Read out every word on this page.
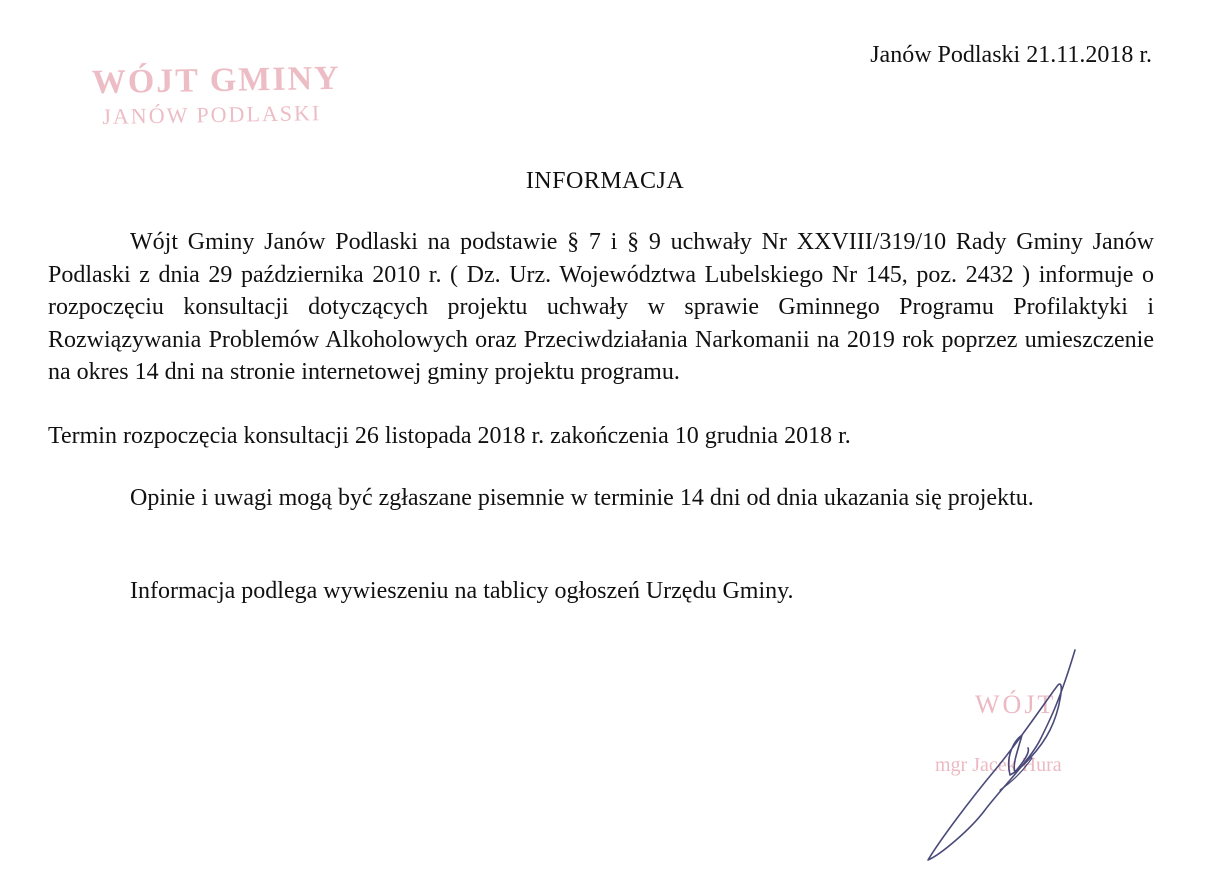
WÓJT GMINY
JANÓW PODLASKI
Janów Podlaski 21.11.2018 r.
INFORMACJA
Wójt Gminy Janów Podlaski na podstawie § 7 i § 9 uchwały Nr XXVIII/319/10 Rady Gminy Janów Podlaski z dnia 29 października 2010 r. ( Dz. Urz. Województwa Lubelskiego Nr 145, poz. 2432 ) informuje o rozpoczęciu konsultacji dotyczących projektu uchwały w sprawie Gminnego Programu Profilaktyki i Rozwiązywania Problemów Alkoholowych oraz Przeciwdziałania Narkomanii na 2019 rok poprzez umieszczenie na okres 14 dni na stronie internetowej gminy projektu programu.
Termin rozpoczęcia konsultacji 26 listopada 2018 r. zakończenia 10 grudnia 2018 r.
Opinie i uwagi mogą być zgłaszane pisemnie w terminie 14 dni od dnia ukazania się projektu.
Informacja podlega wywieszeniu na tablicy ogłoszeń Urzędu Gminy.
WÓJT
mgr Jacek Hura
